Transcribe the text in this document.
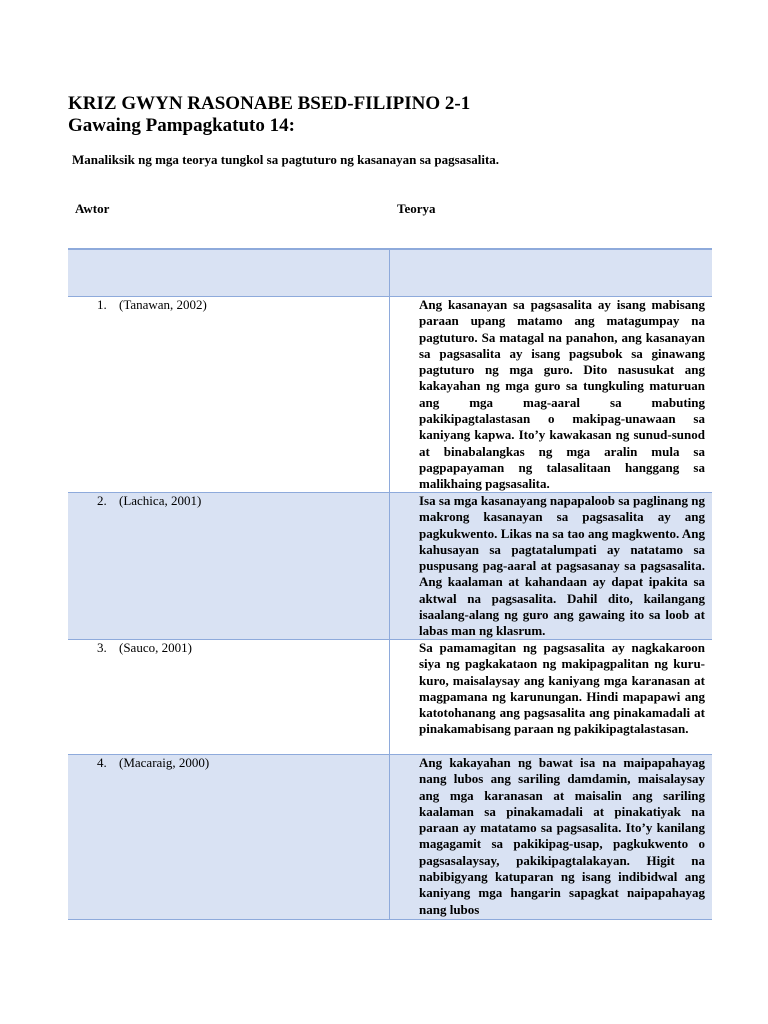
KRIZ GWYN RASONABE BSED-FILIPINO 2-1
Gawaing Pampagkatuto 14:
Manaliksik ng mga teorya tungkol sa pagtuturo ng kasanayan sa pagsasalita.
Awtor	Teorya
1. (Tanawan, 2002)	Ang kasanayan sa pagsasalita ay isang mabisang paraan upang matamo ang matagumpay na pagtuturo. Sa matagal na panahon, ang kasanayan sa pagsasalita ay isang pagsubok sa ginawang pagtuturo ng mga guro. Dito nasusukat ang kakayahan ng mga guro sa tungkuling maturuan ang mga mag-aaral sa mabuting pakikipagtalastasan o makipag-unawaan sa kaniyang kapwa. Ito’y kawakasan ng sunud-sunod at binabalangkas ng mga aralin mula sa pagpapayaman ng talasalitaan hanggang sa malikhaing pagsasalita.
2. (Lachica, 2001)	Isa sa mga kasanayang napapaloob sa paglinang ng makrong kasanayan sa pagsasalita ay ang pagkukwento. Likas na sa tao ang magkwento. Ang kahusayan sa pagtatalumpati ay natatamo sa puspusang pag-aaral at pagsasanay sa pagsasalita. Ang kaalaman at kahandaan ay dapat ipakita sa aktwal na pagsasalita. Dahil dito, kailangang isaalang-alang ng guro ang gawaing ito sa loob at labas man ng klasrum.
3. (Sauco, 2001)	Sa pamamagitan ng pagsasalita ay nagkakaroon siya ng pagkakataon ng makipagpalitan ng kuru-kuro, maisalaysay ang kaniyang mga karanasan at magpamana ng karunungan. Hindi mapapawi ang katotohanang ang pagsasalita ang pinakamadali at pinakamabisang paraan ng pakikipagtalastasan.
4. (Macaraig, 2000)	Ang kakayahan ng bawat isa na maipapahayag nang lubos ang sariling damdamin, maisalaysay ang mga karanasan at maisalin ang sariling kaalaman sa pinakamadali at pinakatiyak na paraan ay matatamo sa pagsasalita. Ito’y kanilang magagamit sa pakikipag-usap, pagkukwento o pagsasalaysay, pakikipagtalakayan. Higit na nabibigyang katuparan ng isang indibidwal ang kaniyang mga hangarin sapagkat naipapahayag nang lubos
